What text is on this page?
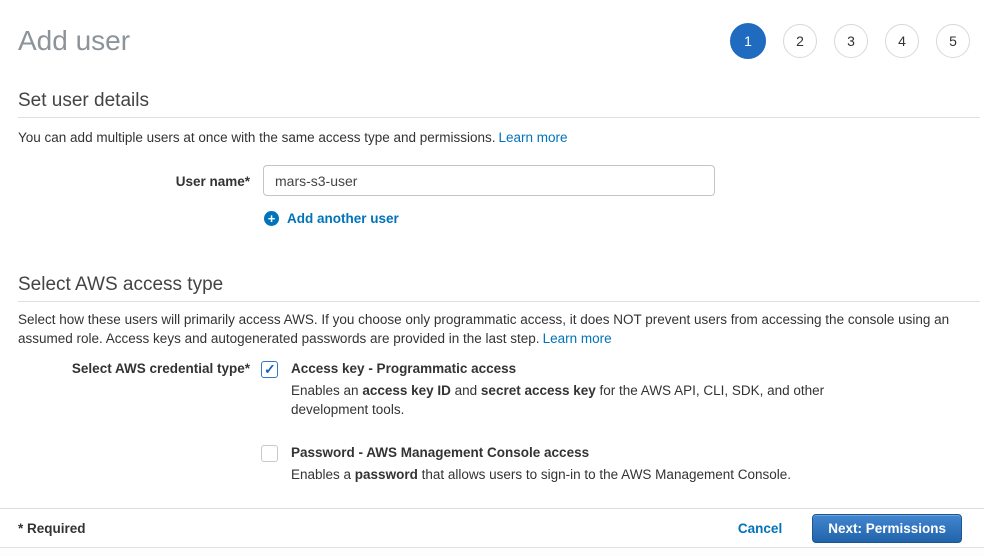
Add user	1	2	3	4	5
Set user details

You can add multiple users at once with the same access type and permissions. Learn more

User name*
mars-s3-user
+
Add another user
Select AWS access type

Select how these users will primarily access AWS. If you choose only programmatic access, it does NOT prevent users from accessing the console using an assumed role. Access keys and autogenerated passwords are provided in the last step. Learn more

Select AWS credential type* ✓	Access key - Programmatic access
Enables an access key ID and secret access key for the AWS API, CLI, SDK, and other development tools.
Password - AWS Management Console access
Enables a password that allows users to sign-in to the AWS Management Console.
* Required	Cancel	Next: Permissions
